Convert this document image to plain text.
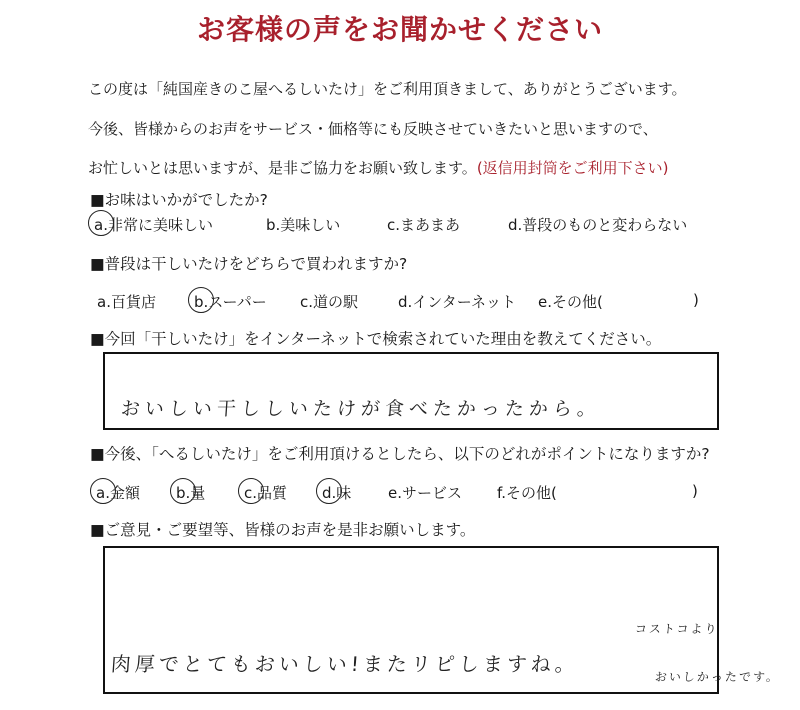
お客様の声をお聞かせください
この度は「純国産きのこ屋へるしいたけ」をご利用頂きまして、ありがとうございます。
今後、皆様からのお声をサービス・価格等にも反映させていきたいと思いますので、
お忙しいとは思いますが、是非ご協力をお願い致します。(返信用封筒をご利用下さい)
■お味はいかがでしたか?
a.非常に美味しい	b.美味しい	c.まあまあ	d.普段のものと変わらない
■普段は干しいたけをどちらで買われますか?
a.百貨店	b.スーパー c.道の駅	d.インターネット e.その他(	)
■今回「干しいたけ」をインターネットで検索されていた理由を教えてください。
おいしい干ししいたけが食べたかったから。
■今後、「へるしいたけ」をご利用頂けるとしたら、以下のどれがポイントになりますか?
a.金額 b.量	c.品質 d.味 e.サービス f.その他(	)
■ご意見・ご要望等、皆様のお声を是非お願いします。
肉厚でとてもおいしい!またリピしますね。
コストコより
おいしかったです。
